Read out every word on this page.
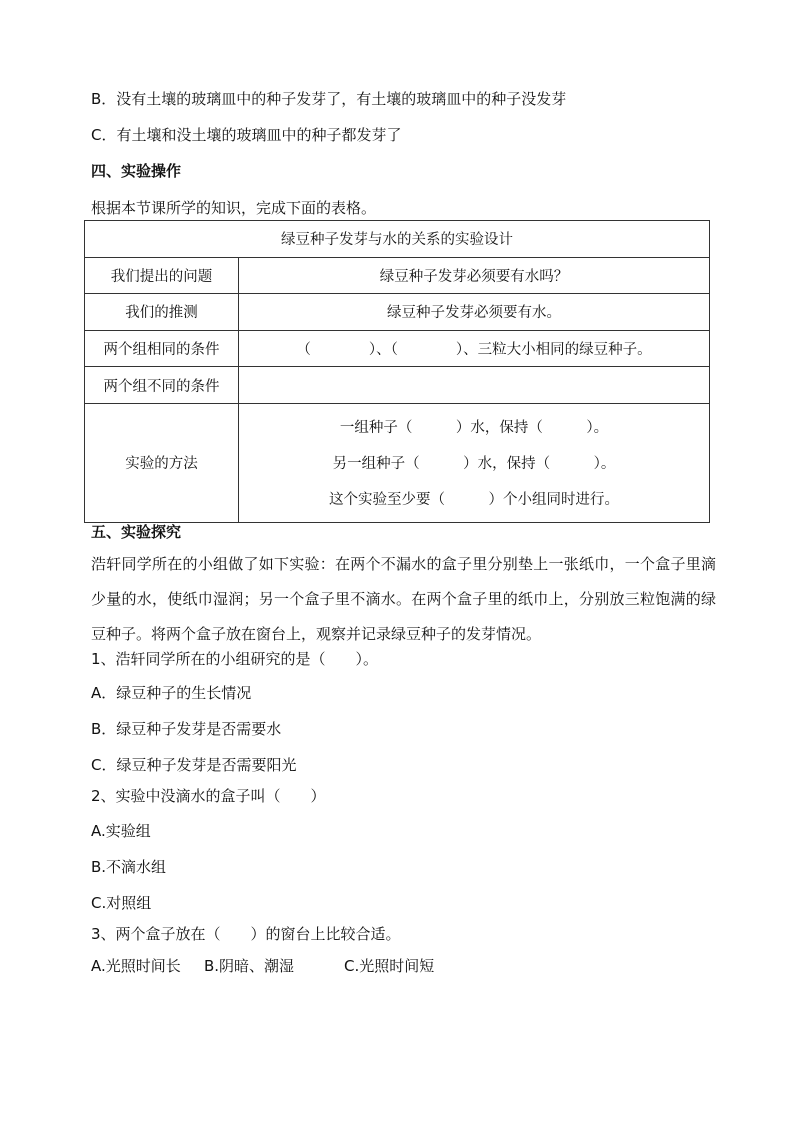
B．没有土壤的玻璃皿中的种子发芽了，有土壤的玻璃皿中的种子没发芽
C．有土壤和没土壤的玻璃皿中的种子都发芽了
四、实验操作
根据本节课所学的知识，完成下面的表格。
绿豆种子发芽与水的关系的实验设计	
我们提出的问题	绿豆种子发芽必须要有水吗？
我们的推测	绿豆种子发芽必须要有水。
两个组相同的条件	（　　　　）、（　　　　）、三粒大小相同的绿豆种子。
两个组不同的条件	
实验的方法	一组种子（　　　）水，保持（　　　）。
另一组种子（　　　）水，保持（　　　）。
这个实验至少要（　　　）个小组同时进行。
五、实验探究
浩轩同学所在的小组做了如下实验：在两个不漏水的盒子里分别垫上一张纸巾，一个盒子里滴少量的水，使纸巾湿润；另一个盒子里不滴水。在两个盒子里的纸巾上，分别放三粒饱满的绿豆种子。将两个盒子放在窗台上，观察并记录绿豆种子的发芽情况。
1、浩轩同学所在的小组研究的是（　　）。
A．绿豆种子的生长情况
B．绿豆种子发芽是否需要水
C．绿豆种子发芽是否需要阳光
2、实验中没滴水的盒子叫（　　）
A.实验组
B.不滴水组
C.对照组
3、两个盒子放在（　　）的窗台上比较合适。
A.光照时间长 B.阴暗、潮湿	C.光照时间短
